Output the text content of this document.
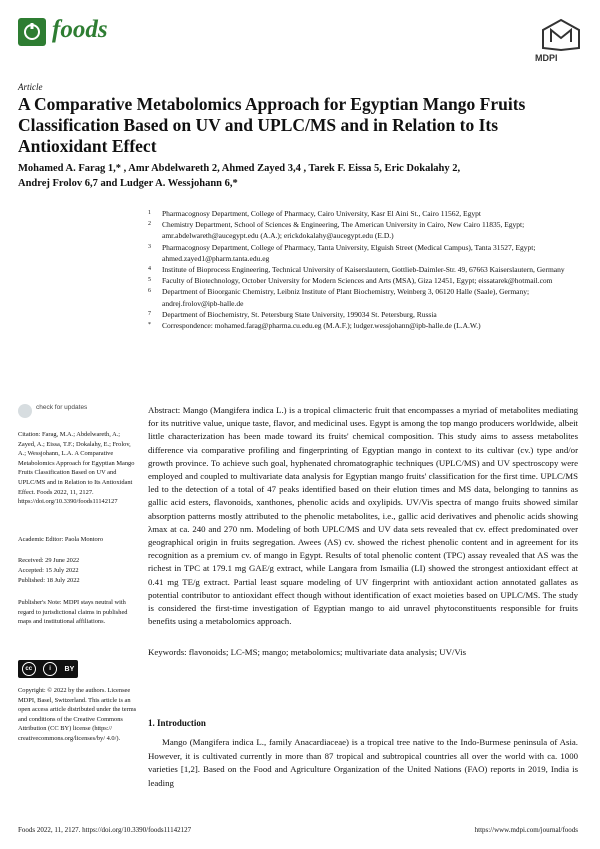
foods
MDPI
Article
A Comparative Metabolomics Approach for Egyptian Mango Fruits Classification Based on UV and UPLC/MS and in Relation to Its Antioxidant Effect
Mohamed A. Farag 1,* , Amr Abdelwareth 2, Ahmed Zayed 3,4 , Tarek F. Eissa 5, Eric Dokalahy 2,
Andrej Frolov 6,7 and Ludger A. Wessjohann 6,*
1	Pharmacognosy Department, College of Pharmacy, Cairo University, Kasr El Aini St., Cairo 11562, Egypt
2	Chemistry Department, School of Sciences & Engineering, The American University in Cairo, New Cairo 11835, Egypt; amr.abdelwareth@aucegypt.edu (A.A.); erickdokalahy@aucegypt.edu (E.D.)
3	Pharmacognosy Department, College of Pharmacy, Tanta University, Elguish Street (Medical Campus), Tanta 31527, Egypt; ahmed.zayed1@pharm.tanta.edu.eg
4	Institute of Bioprocess Engineering, Technical University of Kaiserslautern, Gottlieb-Daimler-Str. 49, 67663 Kaiserslautern, Germany
5	Faculty of Biotechnology, October University for Modern Sciences and Arts (MSA), Giza 12451, Egypt; eissatarek@hotmail.com
6	Department of Bioorganic Chemistry, Leibniz Institute of Plant Biochemistry, Weinberg 3, 06120 Halle (Saale), Germany; andrej.frolov@ipb-halle.de
7	Department of Biochemistry, St. Petersburg State University, 199034 St. Petersburg, Russia
*	Correspondence: mohamed.farag@pharma.cu.edu.eg (M.A.F.); ludger.wessjohann@ipb-halle.de (L.A.W.)
check for updates
Citation: Farag, M.A.; Abdelwareth, A.; Zayed, A.; Eissa, T.F.; Dokalahy, E.; Frolov, A.; Wessjohann, L.A. A Comparative Metabolomics Approach for Egyptian Mango Fruits Classification Based on UV and UPLC/MS and in Relation to Its Antioxidant Effect. Foods 2022, 11, 2127. https://doi.org/10.3390/foods11142127
Academic Editor: Paola Montoro
Received: 29 June 2022
Accepted: 15 July 2022
Published: 18 July 2022
Publisher's Note: MDPI stays neutral with regard to jurisdictional claims in published maps and institutional affiliations.
cc	i	BY
Copyright: © 2022 by the authors. Licensee MDPI, Basel, Switzerland. This article is an open access article distributed under the terms and conditions of the Creative Commons Attribution (CC BY) license (https:// creativecommons.org/licenses/by/ 4.0/).
Abstract: Mango (Mangifera indica L.) is a tropical climacteric fruit that encompasses a myriad of metabolites mediating for its nutritive value, unique taste, flavor, and medicinal uses. Egypt is among the top mango producers worldwide, albeit little characterization has been made toward its fruits' chemical composition. This study aims to assess metabolites difference via comparative profiling and fingerprinting of Egyptian mango in context to its cultivar (cv.) type and/or growth province. To achieve such goal, hyphenated chromatographic techniques (UPLC/MS) and UV spectroscopy were employed and coupled to multivariate data analysis for Egyptian mango fruits' classification for the first time. UPLC/MS led to the detection of a total of 47 peaks identified based on their elution times and MS data, belonging to tannins as gallic acid esters, flavonoids, xanthones, phenolic acids and oxylipids. UV/Vis spectra of mango fruits showed similar absorption patterns mostly attributed to the phenolic metabolites, i.e., gallic acid derivatives and phenolic acids showing λmax at ca. 240 and 270 nm. Modeling of both UPLC/MS and UV data sets revealed that cv. effect predominated over geographical origin in fruits segregation. Awees (AS) cv. showed the richest phenolic content and in agreement for its recognition as a premium cv. of mango in Egypt. Results of total phenolic content (TPC) assay revealed that AS was the richest in TPC at 179.1 mg GAE/g extract, while Langara from Ismailia (LI) showed the strongest antioxidant effect at 0.41 mg TE/g extract. Partial least square modeling of UV fingerprint with antioxidant action annotated gallates as potential contributor to antioxidant effect though without identification of exact moieties based on UPLC/MS. The study is considered the first-time investigation of Egyptian mango to aid unravel phytoconstituents responsible for fruits benefits using a metabolomics approach.
Keywords: flavonoids; LC-MS; mango; metabolomics; multivariate data analysis; UV/Vis
1. Introduction
Mango (Mangifera indica L., family Anacardiaceae) is a tropical tree native to the Indo-Burmese peninsula of Asia. However, it is cultivated currently in more than 87 tropical and subtropical countries all over the world with ca. 1000 varieties [1,2]. Based on the Food and Agriculture Organization of the United Nations (FAO) reports in 2019, India is leading
Foods 2022, 11, 2127. https://doi.org/10.3390/foods11142127	https://www.mdpi.com/journal/foods
